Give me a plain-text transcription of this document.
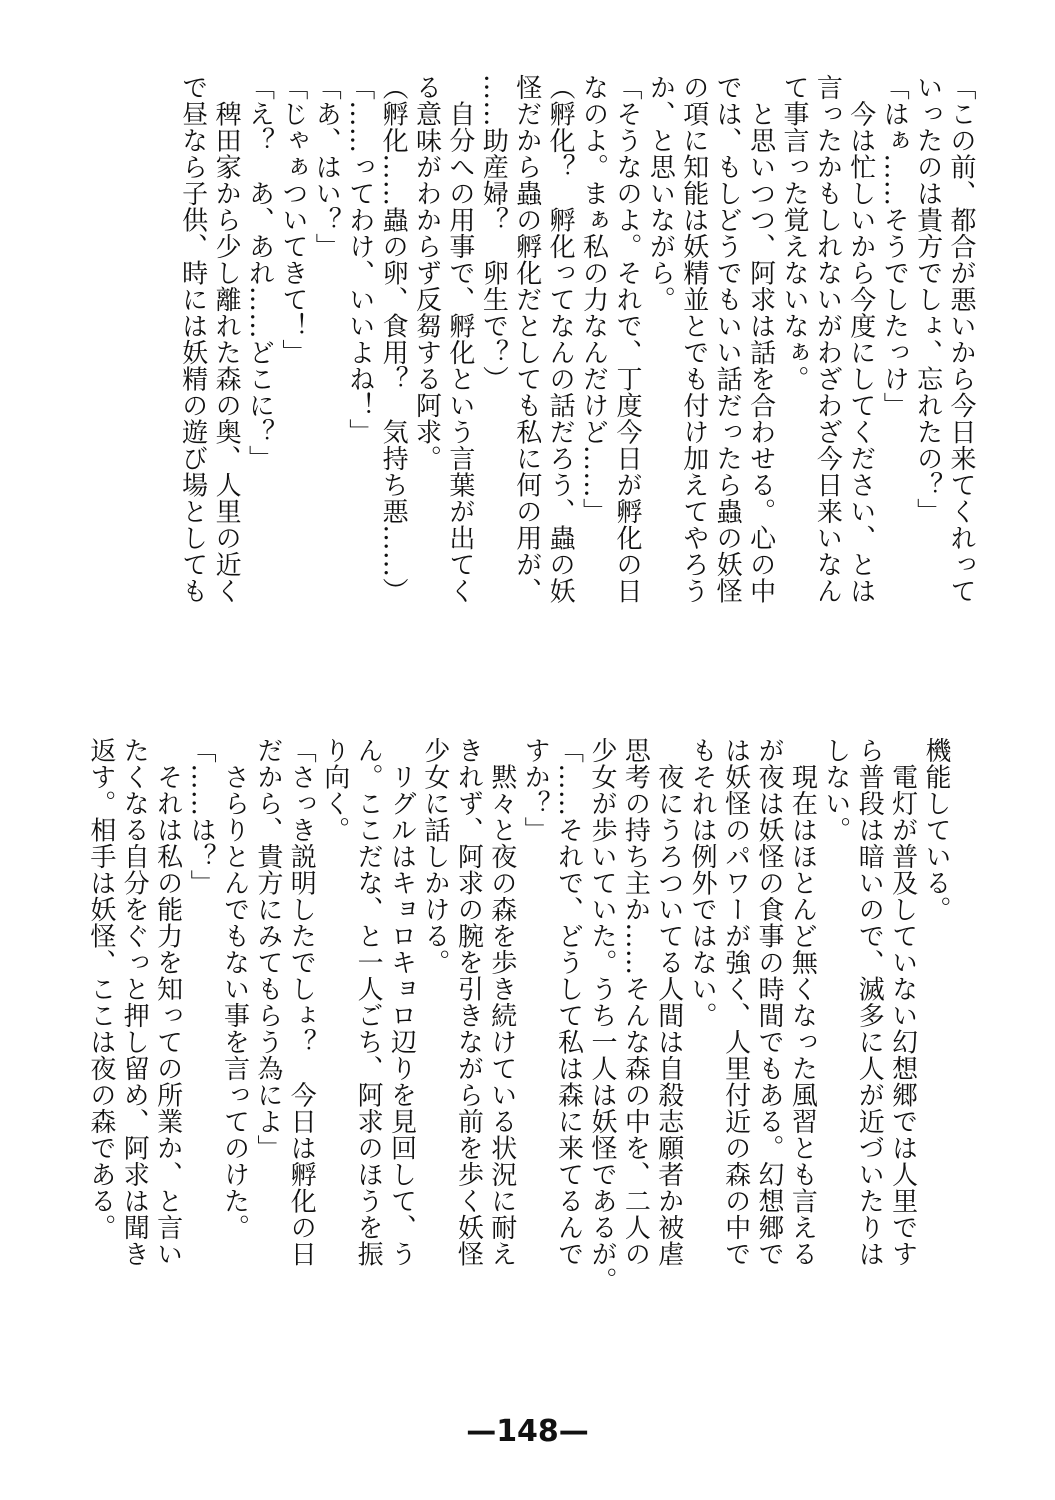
「この前、都合が悪いから今日来てくれって
いったのは貴方でしょ、忘れたの？」
「はぁ……そうでしたっけ」
　今は忙しいから今度にしてください、とは
言ったかもしれないがわざわざ今日来いなん
て事言った覚えないなぁ。
　と思いつつ、阿求は話を合わせる。心の中
では、もしどうでもいい話だったら蟲の妖怪
の項に知能は妖精並とでも付け加えてやろう
か、と思いながら。
「そうなのよ。それで、丁度今日が孵化の日
なのよ。まぁ私の力なんだけど……」
（孵化？　孵化ってなんの話だろう、蟲の妖
怪だから蟲の孵化だとしても私に何の用が、
……助産婦？　卵生で？）
　自分への用事で、孵化という言葉が出てく
る意味がわからず反芻する阿求。
（孵化……蟲の卵、食用？　気持ち悪……）
「……ってわけ、いいよね！」
「あ、はい？」
「じゃぁついてきて！」
「え？　あ、あれ……どこに？」
　稗田家から少し離れた森の奥、人里の近く
で昼なら子供、時には妖精の遊び場としても
機能している。
　電灯が普及していない幻想郷では人里です
ら普段は暗いので、滅多に人が近づいたりは
しない。
　現在はほとんど無くなった風習とも言える
が夜は妖怪の食事の時間でもある。幻想郷で
は妖怪のパワーが強く、人里付近の森の中で
もそれは例外ではない。
　夜にうろついてる人間は自殺志願者か被虐
思考の持ち主か……そんな森の中を、二人の
少女が歩いていた。うち一人は妖怪であるが。
「……それで、どうして私は森に来てるんで
すか？」
　黙々と夜の森を歩き続けている状況に耐え
きれず、阿求の腕を引きながら前を歩く妖怪
少女に話しかける。
　リグルはキョロキョロ辺りを見回して、う
ん。ここだな、と一人ごち、阿求のほうを振
り向く。
「さっき説明したでしょ？　今日は孵化の日
だから、貴方にみてもらう為によ」
　さらりとんでもない事を言ってのけた。
「……は？」
　それは私の能力を知っての所業か、と言い
たくなる自分をぐっと押し留め、阿求は聞き
返す。相手は妖怪、ここは夜の森である。
—148—
